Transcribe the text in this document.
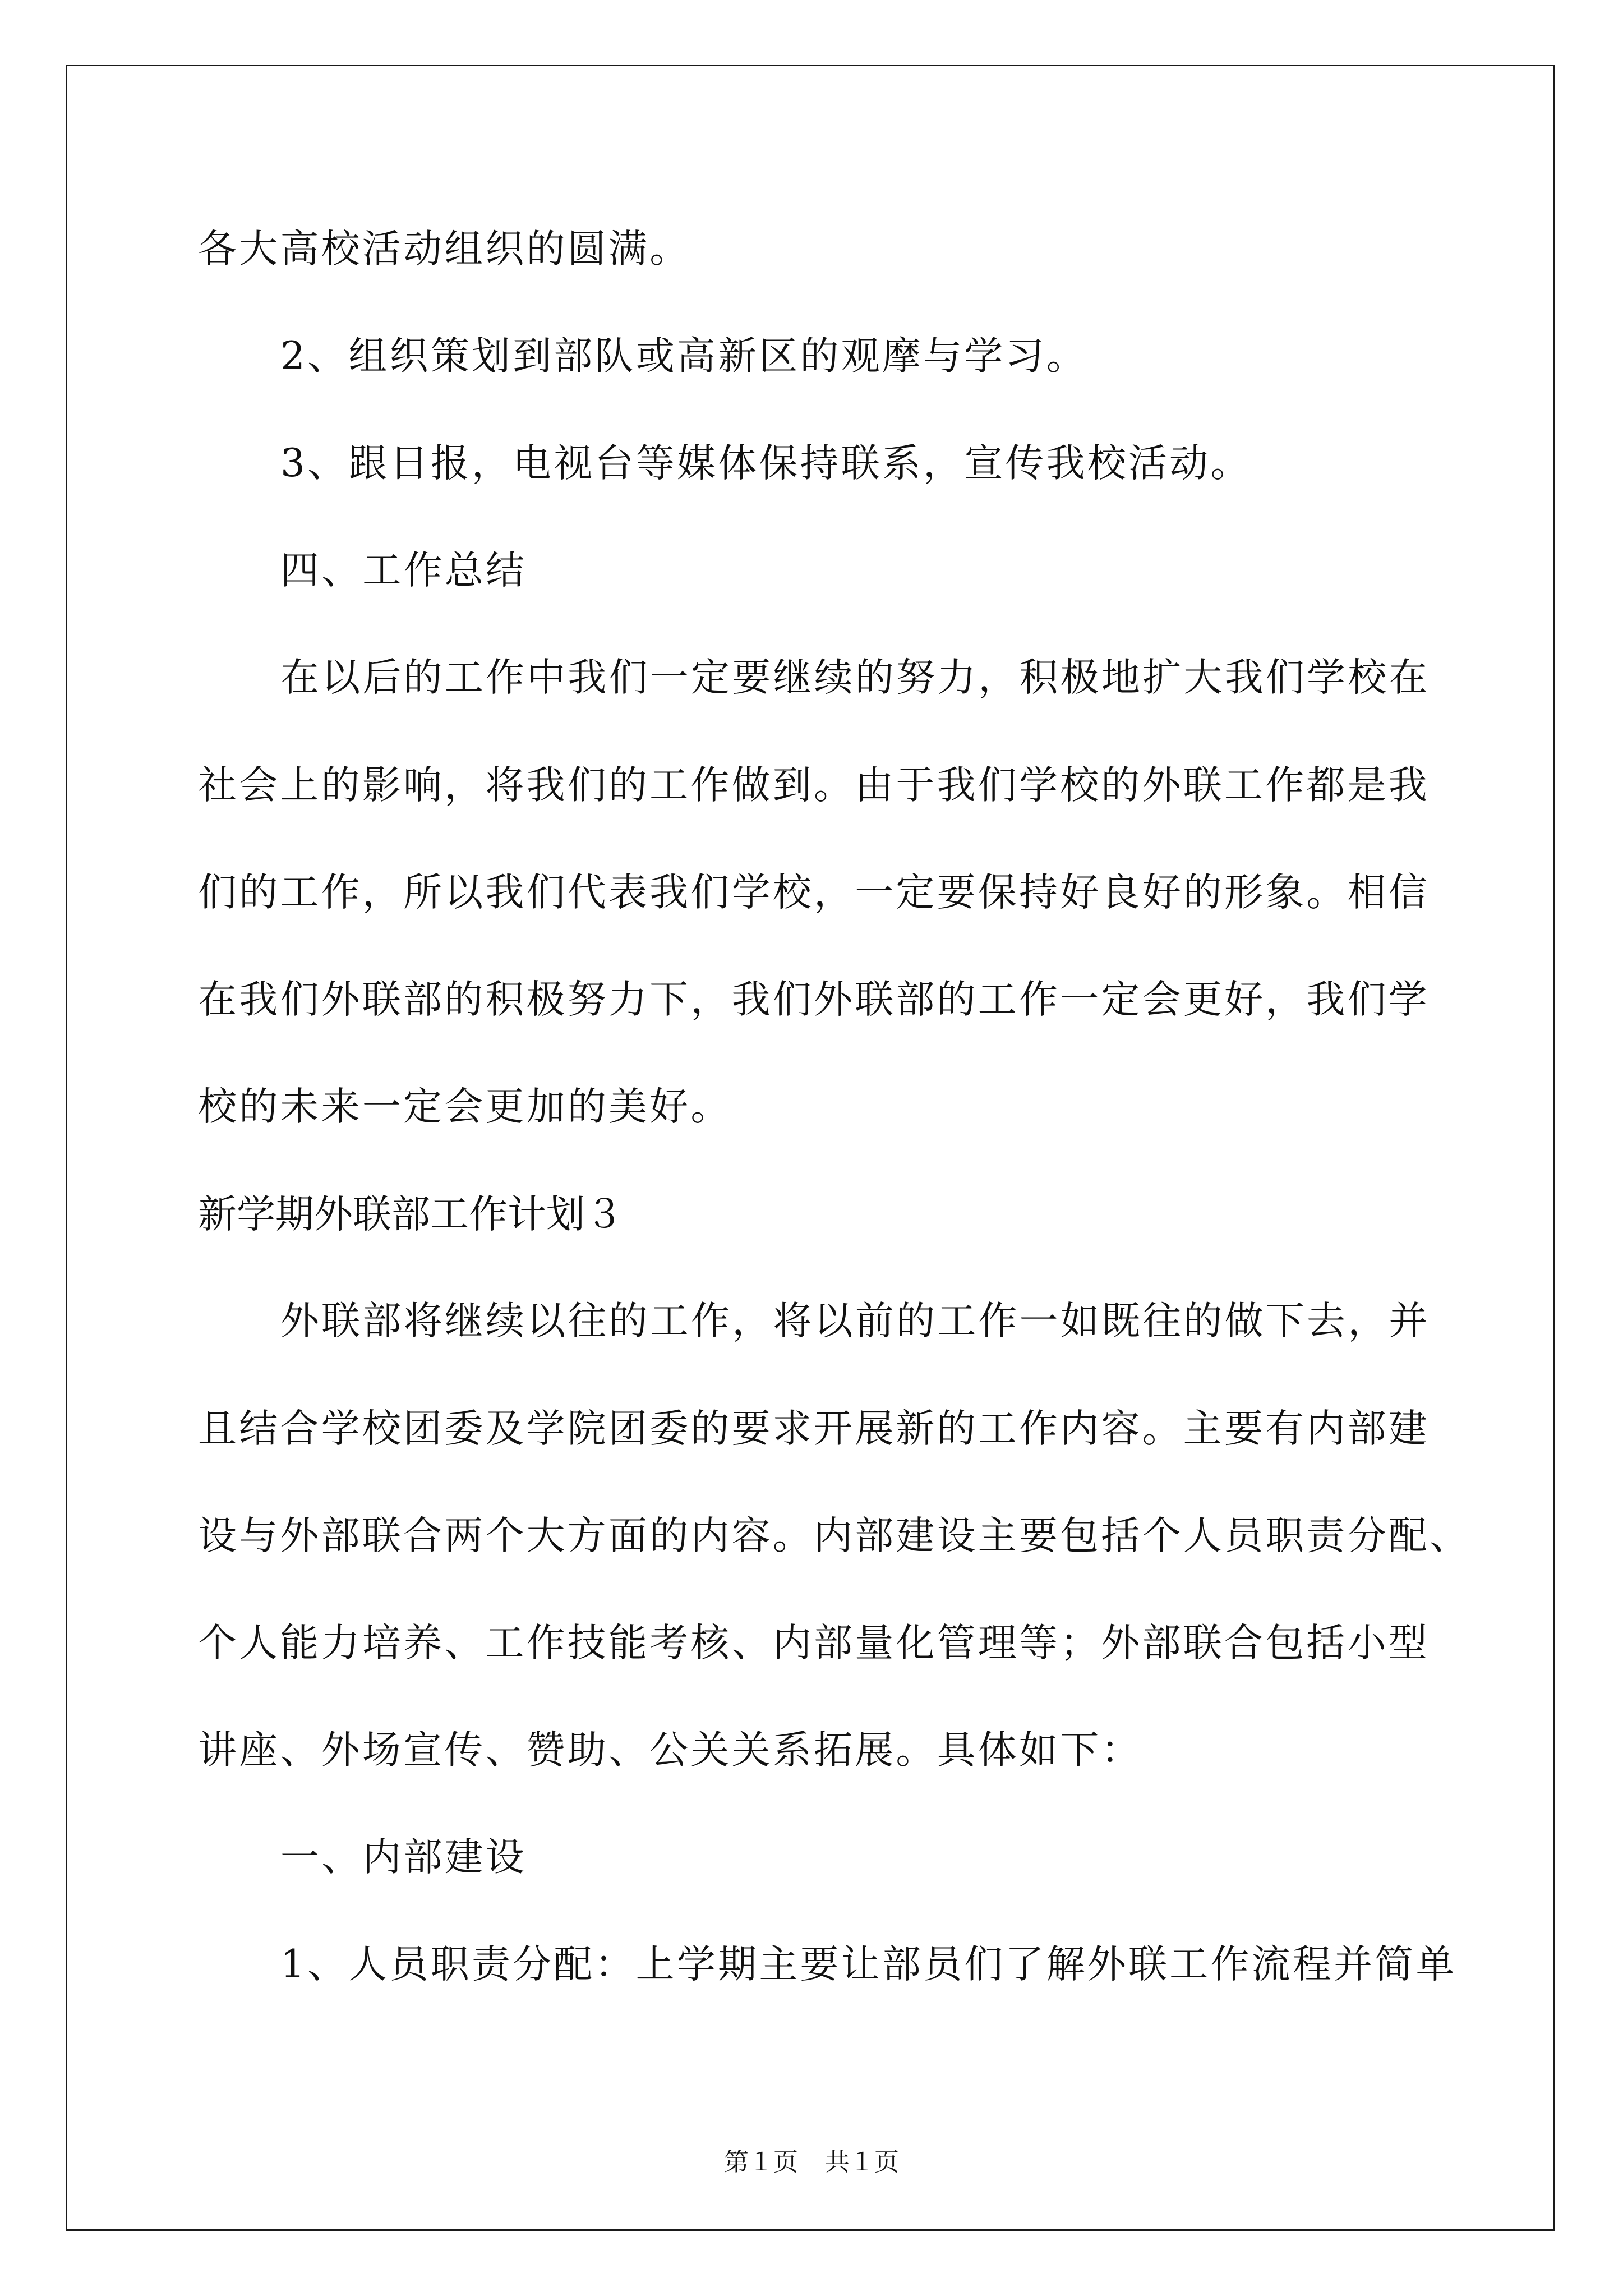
各大高校活动组织的圆满。
2、组织策划到部队或高新区的观摩与学习。
3、跟日报，电视台等媒体保持联系，宣传我校活动。
四、工作总结
在以后的工作中我们一定要继续的努力，积极地扩大我们学校在
社会上的影响，将我们的工作做到。由于我们学校的外联工作都是我
们的工作，所以我们代表我们学校，一定要保持好良好的形象。相信
在我们外联部的积极努力下，我们外联部的工作一定会更好，我们学
校的未来一定会更加的美好。
新学期外联部工作计划３
外联部将继续以往的工作，将以前的工作一如既往的做下去，并
且结合学校团委及学院团委的要求开展新的工作内容。主要有内部建
设与外部联合两个大方面的内容。内部建设主要包括个人员职责分配、
个人能力培养、工作技能考核、内部量化管理等；外部联合包括小型
讲座、外场宣传、赞助、公关关系拓展。具体如下：
一、内部建设
1、人员职责分配：上学期主要让部员们了解外联工作流程并简单
第１页 共１页
